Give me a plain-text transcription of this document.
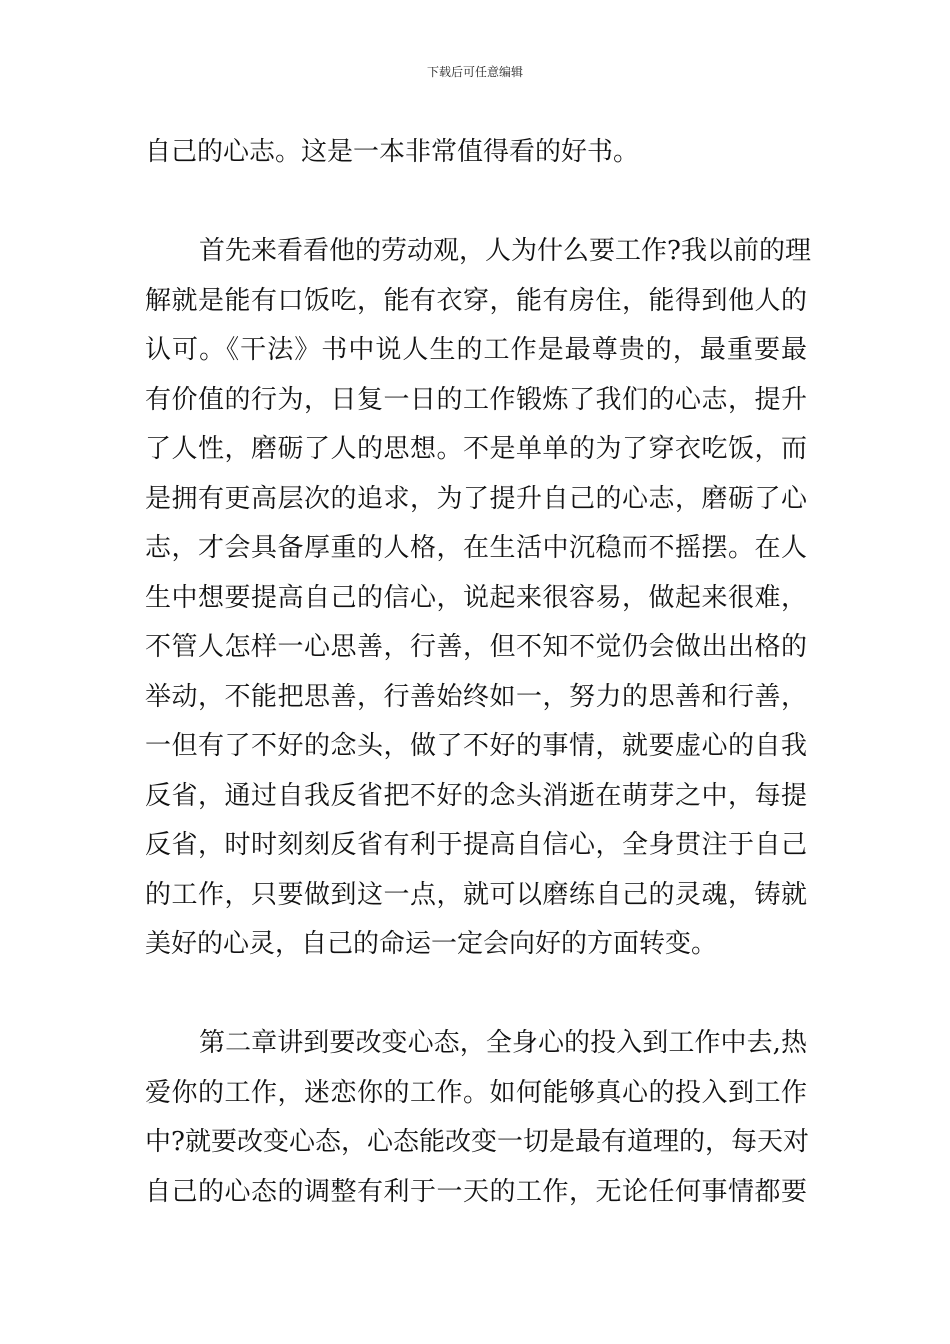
下载后可任意编辑
自己的心志。这是一本非常值得看的好书。
首先来看看他的劳动观，人为什么要工作?我以前的理
解就是能有口饭吃，能有衣穿，能有房住，能得到他人的
认可。《干法》书中说人生的工作是最尊贵的，最重要最
有价值的行为，日复一日的工作锻炼了我们的心志，提升
了人性，磨砺了人的思想。不是单单的为了穿衣吃饭，而
是拥有更高层次的追求，为了提升自己的心志，磨砺了心
志，才会具备厚重的人格，在生活中沉稳而不摇摆。在人
生中想要提高自己的信心，说起来很容易，做起来很难，
不管人怎样一心思善，行善，但不知不觉仍会做出出格的
举动，不能把思善，行善始终如一，努力的思善和行善，
一但有了不好的念头，做了不好的事情，就要虚心的自我
反省，通过自我反省把不好的念头消逝在萌芽之中，每提
反省，时时刻刻反省有利于提高自信心，全身贯注于自己
的工作，只要做到这一点，就可以磨练自己的灵魂，铸就
美好的心灵，自己的命运一定会向好的方面转变。
第二章讲到要改变心态，全身心的投入到工作中去,热
爱你的工作，迷恋你的工作。如何能够真心的投入到工作
中?就要改变心态，心态能改变一切是最有道理的，每天对
自己的心态的调整有利于一天的工作，无论任何事情都要
